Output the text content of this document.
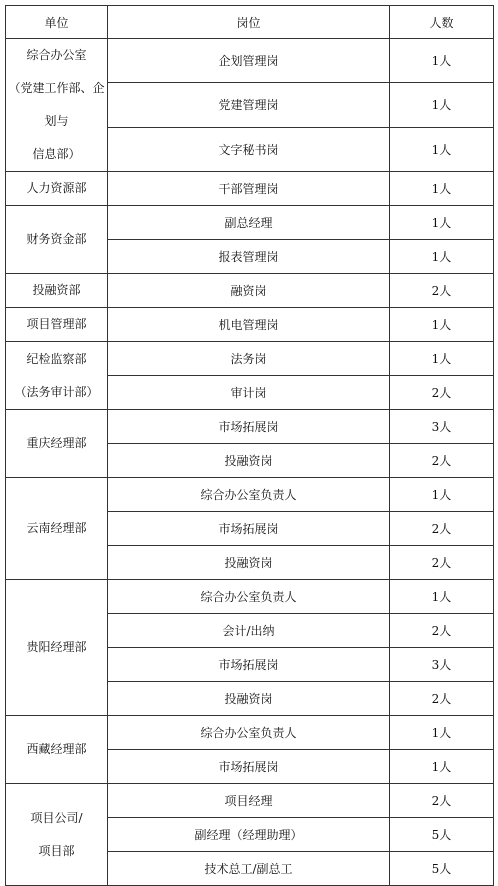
单位	岗位	人数

综合办公室
（党建工作部、企划与
信息部）	企划管理岗	1人
	党建管理岗	1人
	文字秘书岗	1人

人力资源部	干部管理岗	1人

财务资金部	副总经理	1人
	报表管理岗	1人

投融资部	融资岗	2人

项目管理部	机电管理岗	1人

纪检监察部
（法务审计部）	法务岗	1人
	审计岗	2人

重庆经理部	市场拓展岗	3人
	投融资岗	2人

云南经理部	综合办公室负责人	1人
	市场拓展岗	2人
	投融资岗	2人

贵阳经理部	综合办公室负责人	1人
	会计/出纳	2人
	市场拓展岗	3人
	投融资岗	2人

西藏经理部	综合办公室负责人	1人
	市场拓展岗	1人

项目公司/
项目部	项目经理	2人
	副经理（经理助理）	5人
	技术总工/副总工	5人
